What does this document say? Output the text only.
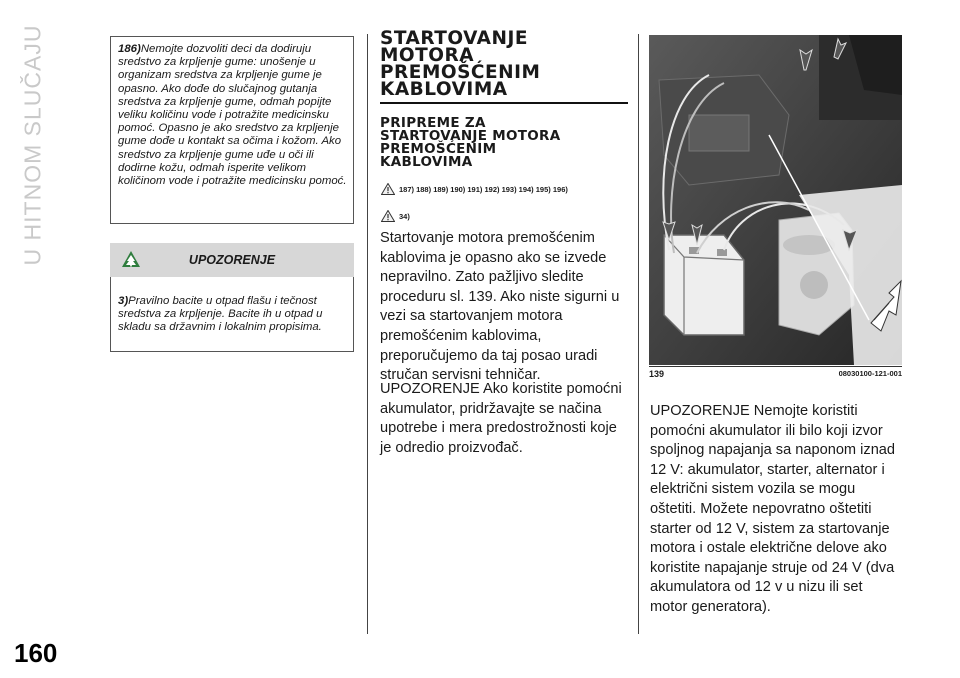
U HITNOM SLUČAJU
160

186)Nemojte dozvoliti deci da dodiruju sredstvo za krpljenje gume: unošenje u organizam sredstva za krpljenje gume je opasno. Ako dođe do slučajnog gutanja sredstva za krpljenje gume, odmah popijte veliku količinu vode i potražite medicinsku pomoć. Opasno je ako sredstvo za krpljenje gume dođe u kontakt sa očima i kožom. Ako sredstvo za krpljenje gume uđe u oči ili dodirne kožu, odmah isperite velikom količinom vode i potražite medicinsku pomoć.

UPOZORENJE

3)Pravilno bacite u otpad flašu i tečnost sredstva za krpljenje. Bacite ih u otpad u skladu sa državnim i lokalnim propisima.

STARTOVANJE
MOTORA
PREMOŠĆENIM
KABLOVIMA
PRIPREME ZA
STARTOVANJE MOTORA
PREMOŠĆENIM
KABLOVIMA
187) 188) 189) 190) 191) 192) 193) 194) 195) 196)
34)

Startovanje motora premošćenim kablovima je opasno ako se izvede nepravilno. Zato pažljivo sledite proceduru sl. 139. Ako niste sigurni u vezi sa startovanjem motora premošćenim kablovima, preporučujemo da taj posao uradi stručan servisni tehničar.

UPOZORENJE Ako koristite pomoćni akumulator, pridržavajte se načina upotrebe i mera predostrožnosti koje je odredio proizvođač.

139	08030100-121-001

UPOZORENJE Nemojte koristiti pomoćni akumulator ili bilo koji izvor spoljnog napajanja sa naponom iznad 12 V: akumulator, starter, alternator i električni sistem vozila se mogu oštetiti. Možete nepovratno oštetiti starter od 12 V, sistem za startovanje motora i ostale električne delove ako koristite napajanje struje od 24 V (dva akumulatora od 12 v u nizu ili set motor generatora).
